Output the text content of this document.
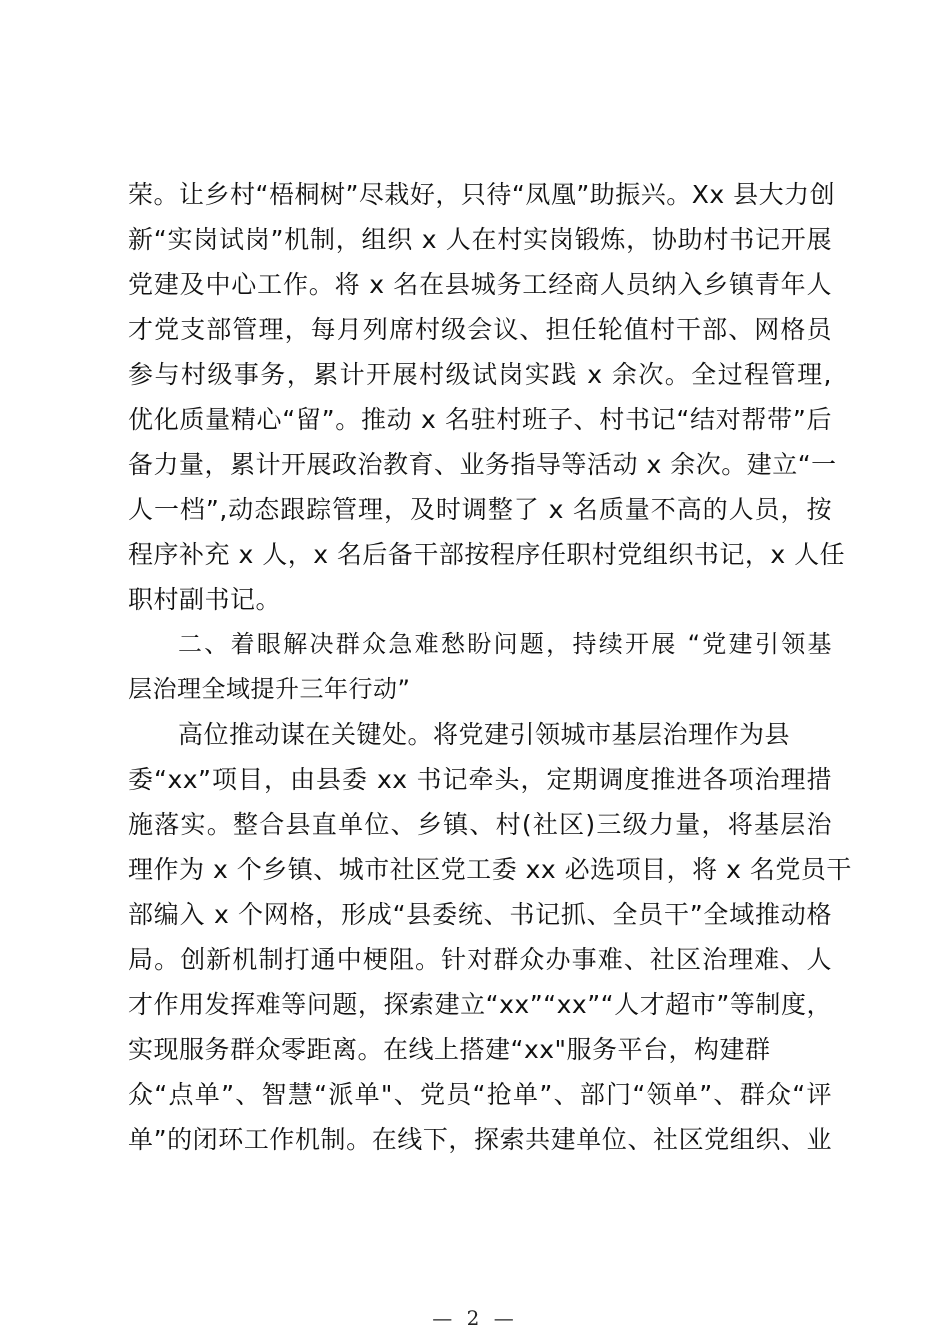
荣。让乡村“梧桐树”尽栽好，只待“凤凰”助振兴。Xx 县大力创
新“实岗试岗”机制，组织 x 人在村实岗锻炼，协助村书记开展
党建及中心工作。将 x 名在县城务工经商人员纳入乡镇青年人
才党支部管理，每月列席村级会议、担任轮值村干部、网格员
参与村级事务，累计开展村级试岗实践 x 余次。全过程管理,
优化质量精心“留”。推动 x 名驻村班子、村书记“结对帮带”后
备力量，累计开展政治教育、业务指导等活动 x 余次。建立“一
人一档”,动态跟踪管理，及时调整了 x 名质量不高的人员，按
程序补充 x 人，x 名后备干部按程序任职村党组织书记，x 人任
职村副书记。
二、着眼解决群众急难愁盼问题，持续开展 “党建引领基
层治理全域提升三年行动”
高位推动谋在关键处。将党建引领城市基层治理作为县
委“xx”项目，由县委 xx 书记牵头，定期调度推进各项治理措
施落实。整合县直单位、乡镇、村(社区)三级力量，将基层治
理作为 x 个乡镇、城市社区党工委 xx 必选项目，将 x 名党员干
部编入 x 个网格，形成“县委统、书记抓、全员干”全域推动格
局。创新机制打通中梗阻。针对群众办事难、社区治理难、人
才作用发挥难等问题，探索建立“xx”“xx”“人才超市”等制度，
实现服务群众零距离。在线上搭建“xx"服务平台，构建群
众“点单”、智慧“派单"、党员“抢单”、部门“领单”、群众“评
单”的闭环工作机制。在线下，探索共建单位、社区党组织、业
— 2 —
